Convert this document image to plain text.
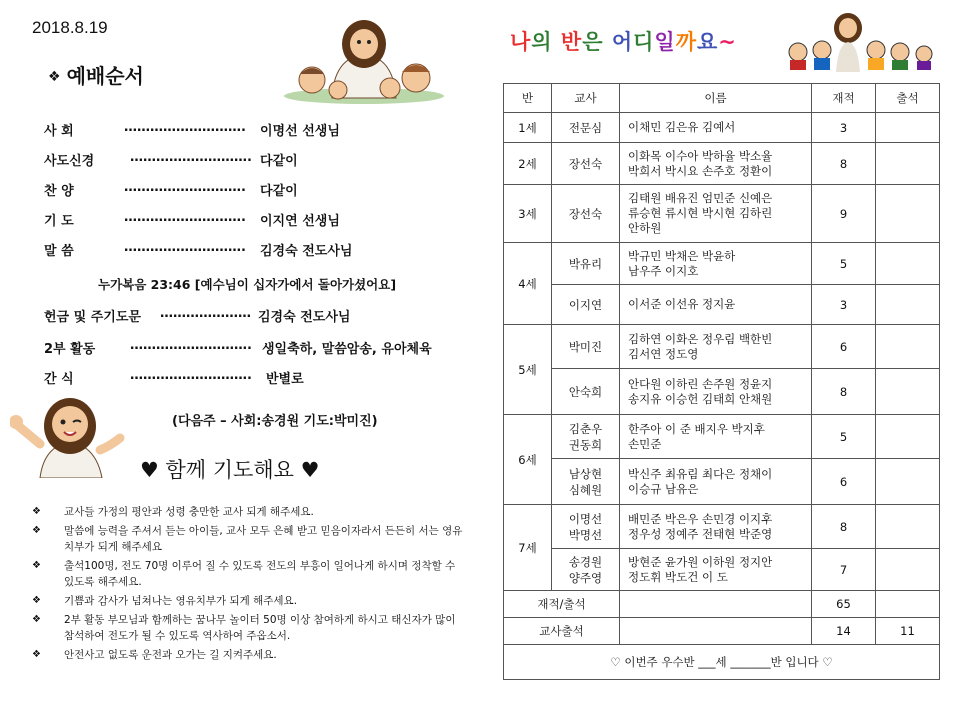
2018.8.19
❖ 예배순서
사 회	………………………. 이명선 선생님
사도신경	………………………. 다같이
찬 양	………………………. 다같이
기 도	………………………. 이지연 선생님
말 씀	………………………. 김경숙 전도사님
누가복음 23:46 [예수님이 십자가에서 돌아가셨어요]
헌금 및 주기도문 ………………… 김경숙 전도사님
2부 활동	………………………. 생일축하, 말씀암송, 유아체육
간 식	………………………. 반별로
(다음주 – 사회:송경원 기도:박미진)
♥ 함께 기도해요 ♥
❖ 교사들 가정의 평안과 성령 충만한 교사 되게 해주세요.
❖ 말씀에 능력을 주셔서 듣는 아이들, 교사 모두 은혜 받고 믿음이자라서 든든히 서는 영유치부가 되게 해주세요
❖ 출석100명, 전도 70명 이루어 질 수 있도록 전도의 부흥이 일어나게 하시며 정착할 수 있도록 해주세요.
❖ 기쁨과 감사가 넘쳐나는 영유치부가 되게 해주세요.
❖ 2부 활동 부모님과 함께하는 꿈나무 놀이터 50명 이상 참여하게 하시고 태신자가 많이 참석하여 전도가 될 수 있도록 역사하여 주옵소서.
❖ 안전사고 없도록 운전과 오가는 길 지켜주세요.
나의 반은 어디일까요~
반	교사	이름	재적	출석
1세	전문심	이채민 김은유 김예서	3	
2세	장선숙	이화목 이수아 박하율 박소율
박희서 박시요 손주호 정환이	8	
3세	장선숙	김태원 배유진 엄민준 신예은
류승현 류시현 박시현 김하린
안하원	9	
4세	박유리	박규민 박채은 박윤하
남우주 이지호	5	
	이지연	이서준 이선유 정지윤	3	
5세	박미진	김하연 이화온 정우림 백한빈
김서연 정도영	6	
	안숙희	안다원 이하린 손주원 정윤지
송지유 이승헌 김태희 안채원	8	
6세	김춘우
권동희	한주아 이 준 배지우 박지후
손민준	5	
	남상현
심혜원	박신주 최유림 최다은 정채이
이승규 남유은	6	
7세	이명선
박명선	배민준 박은우 손민경 이지후
정우성 정예주 전태현 박준영	8	
	송경원
양주영	방현준 윤가원 이하원 정지안
정도휘 박도건 이 도	7	
재적/출석			65	
교사출석			14	11
♡ 이번주 우수반 ___세 _______반 입니다 ♡				
